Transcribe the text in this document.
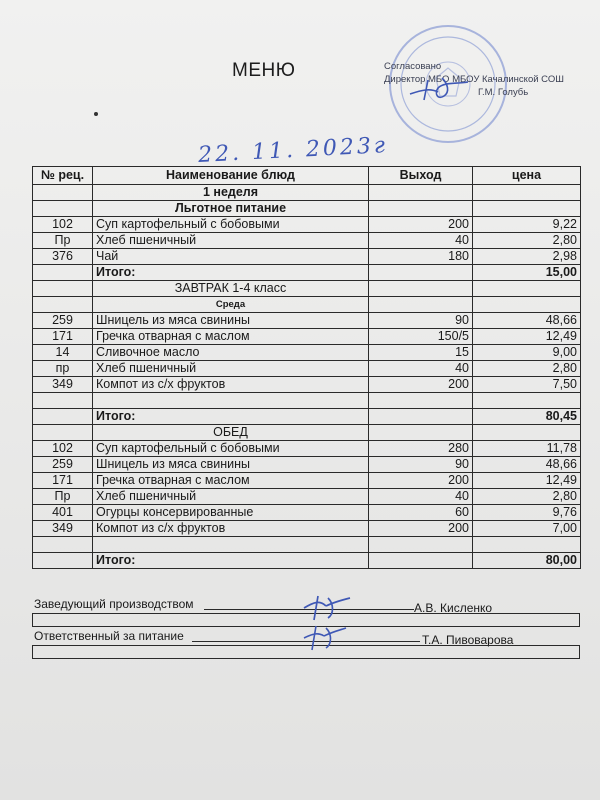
МЕНЮ	Согласовано
Директор МБО МБОУ Качалинской СОШ
Г.М. Голубь
22. 11. 2023г
№ рец.	Наименование блюд	Выход	цена
	1 неделя		
	Льготное питание		
102	Суп картофельный с бобовыми	200	9,22
Пр	Хлеб пшеничный	40	2,80
376	Чай	180	2,98
	Итого:		15,00
	ЗАВТРАК 1-4 класс		
	Среда		
259	Шницель из мяса свинины	90	48,66
171	Гречка отварная с маслом	150/5	12,49
14	Сливочное масло	15	9,00
пр	Хлеб пшеничный	40	2,80
349	Компот из с/х фруктов	200	7,50

	Итого:		80,45
	ОБЕД		
102	Суп картофельный с бобовыми	280	11,78
259	Шницель из мяса свинины	90	48,66
171	Гречка отварная с маслом	200	12,49
Пр	Хлеб пшеничный	40	2,80
401	Огурцы консервированные	60	9,76
349	Компот из с/х фруктов	200	7,00

	Итого:		80,00
Заведующий производством	А.В. Кисленко
Ответственный за питание	Т.А. Пивоварова
